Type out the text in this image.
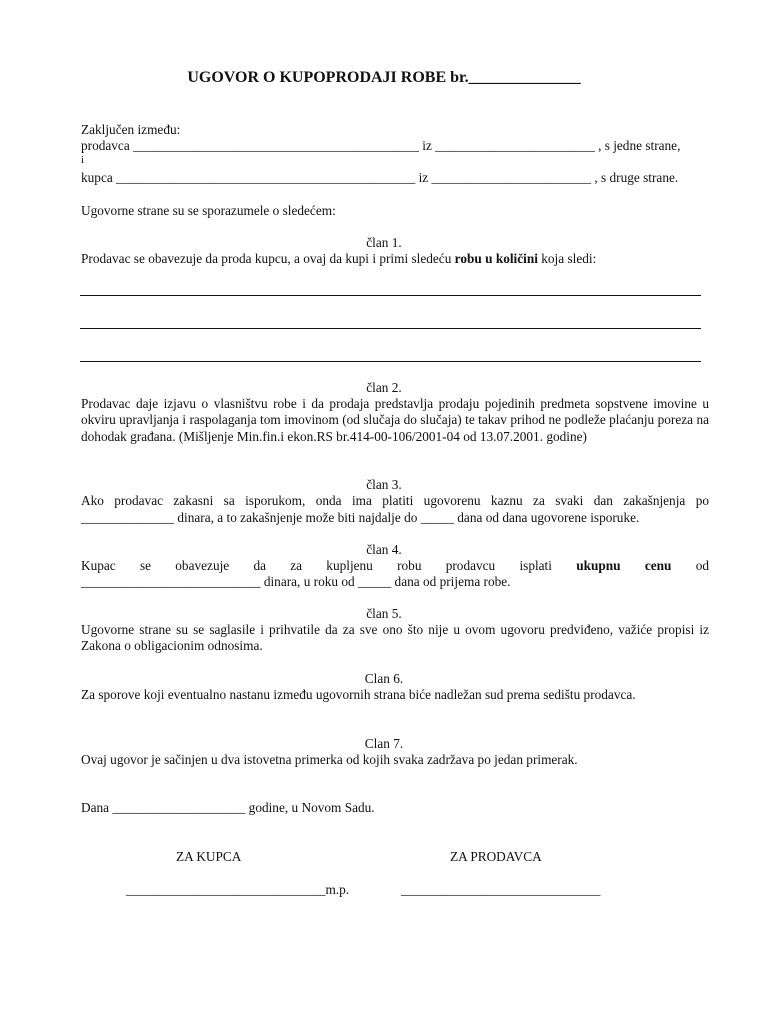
UGOVOR O KUPOPRODAJI ROBE br.______________
Zaključen između:
prodavca ___________________________________________ iz ________________________ , s jedne strane,
i
kupca _____________________________________________ iz ________________________ , s druge strane.
Ugovorne strane su se sporazumele o sledećem:
član 1.
Prodavac se obavezuje da proda kupcu, a ovaj da kupi i primi sledeću robu u količini koja sledi:
član 2.
Prodavac daje izjavu o vlasništvu robe i da prodaja predstavlja prodaju pojedinih predmeta sopstvene imovine u okviru upravljanja i raspolaganja tom imovinom (od slučaja do slučaja) te takav prihod ne podleže plaćanju poreza na dohodak građana. (Mišljenje Min.fin.i ekon.RS br.414-00-106/2001-04 od 13.07.2001. godine)
član 3.
Ako prodavac zakasni sa isporukom, onda ima platiti ugovorenu kaznu za svaki dan zakašnjenja po
______________ dinara, a to zakašnjenje može biti najdalje do _____ dana od dana ugovorene isporuke.
član 4.
Kupac se obavezuje da za kupljenu robu prodavcu isplati ukupnu cenu od
___________________________ dinara, u roku od _____ dana od prijema robe.
član 5.
Ugovorne strane su se saglasile i prihvatile da za sve ono što nije u ovom ugovoru predviđeno, važiće propisi iz Zakona o obligacionim odnosima.
Clan 6.
Za sporove koji eventualno nastanu između ugovornih strana biće nadležan sud prema sedištu prodavca.
Clan 7.
Ovaj ugovor je sačinjen u dva istovetna primerka od kojih svaka zadržava po jedan primerak.
Dana ____________________ godine, u Novom Sadu.
ZA KUPCA	ZA PRODAVCA
______________________________m.p.	______________________________
